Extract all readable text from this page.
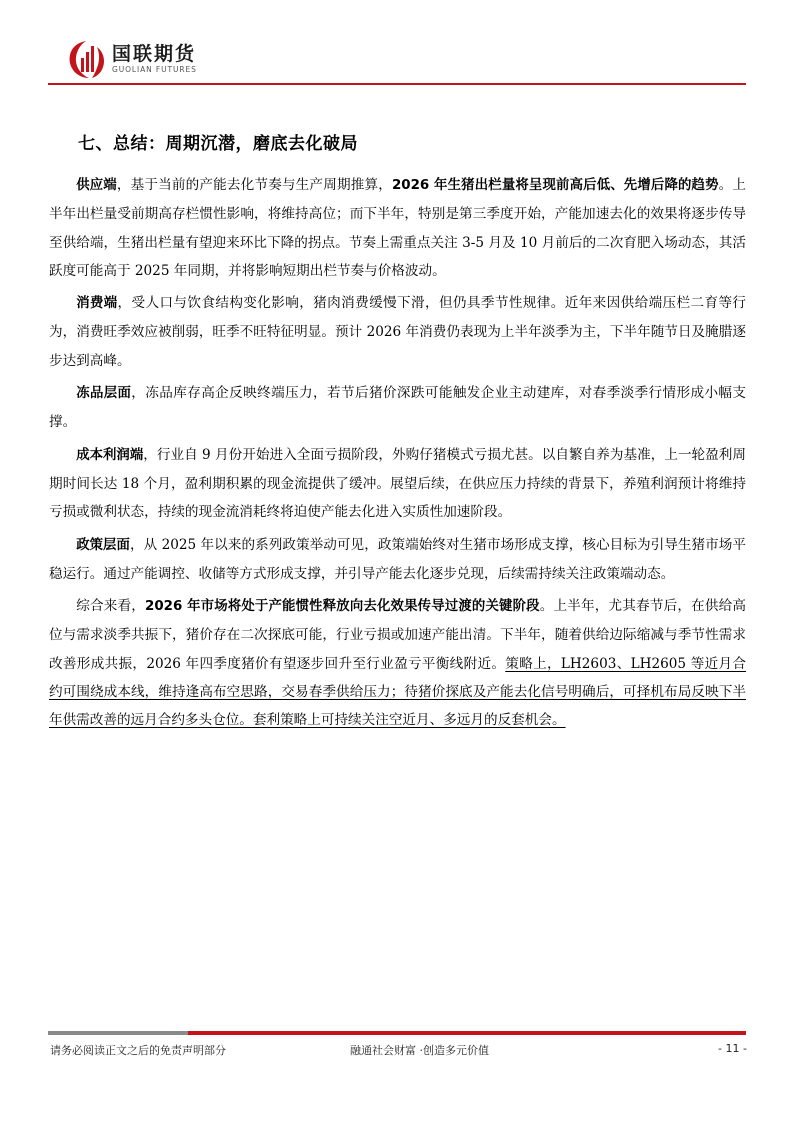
国联期货
GUOLIAN FUTURES
七、总结：周期沉潜，磨底去化破局

供应端，基于当前的产能去化节奏与生产周期推算，2026 年生猪出栏量将呈现前高后低、先增后降的趋势。上半年出栏量受前期高存栏惯性影响，将维持高位；而下半年，特别是第三季度开始，产能加速去化的效果将逐步传导至供给端，生猪出栏量有望迎来环比下降的拐点。节奏上需重点关注 3-5 月及 10 月前后的二次育肥入场动态，其活跃度可能高于 2025 年同期，并将影响短期出栏节奏与价格波动。

消费端，受人口与饮食结构变化影响，猪肉消费缓慢下滑，但仍具季节性规律。近年来因供给端压栏二育等行为，消费旺季效应被削弱，旺季不旺特征明显。预计 2026 年消费仍表现为上半年淡季为主，下半年随节日及腌腊逐步达到高峰。

冻品层面，冻品库存高企反映终端压力，若节后猪价深跌可能触发企业主动建库，对春季淡季行情形成小幅支撑。

成本利润端，行业自 9 月份开始进入全面亏损阶段，外购仔猪模式亏损尤甚。以自繁自养为基准，上一轮盈利周期时间长达 18 个月，盈利期积累的现金流提供了缓冲。展望后续，在供应压力持续的背景下，养殖利润预计将维持亏损或微利状态，持续的现金流消耗终将迫使产能去化进入实质性加速阶段。

政策层面，从 2025 年以来的系列政策举动可见，政策端始终对生猪市场形成支撑，核心目标为引导生猪市场平稳运行。通过产能调控、收储等方式形成支撑，并引导产能去化逐步兑现，后续需持续关注政策端动态。

综合来看，2026 年市场将处于产能惯性释放向去化效果传导过渡的关键阶段。上半年，尤其春节后，在供给高位与需求淡季共振下，猪价存在二次探底可能，行业亏损或加速产能出清。下半年，随着供给边际缩减与季节性需求改善形成共振，2026 年四季度猪价有望逐步回升至行业盈亏平衡线附近。策略上，LH2603、LH2605 等近月合约可围绕成本线，维持逢高布空思路，交易春季供给压力；待猪价探底及产能去化信号明确后，可择机布局反映下半年供需改善的远月合约多头仓位。套利策略上可持续关注空近月、多远月的反套机会。

请务必阅读正文之后的免责声明部分	融通社会财富 ·创造多元价值	- 11 -
